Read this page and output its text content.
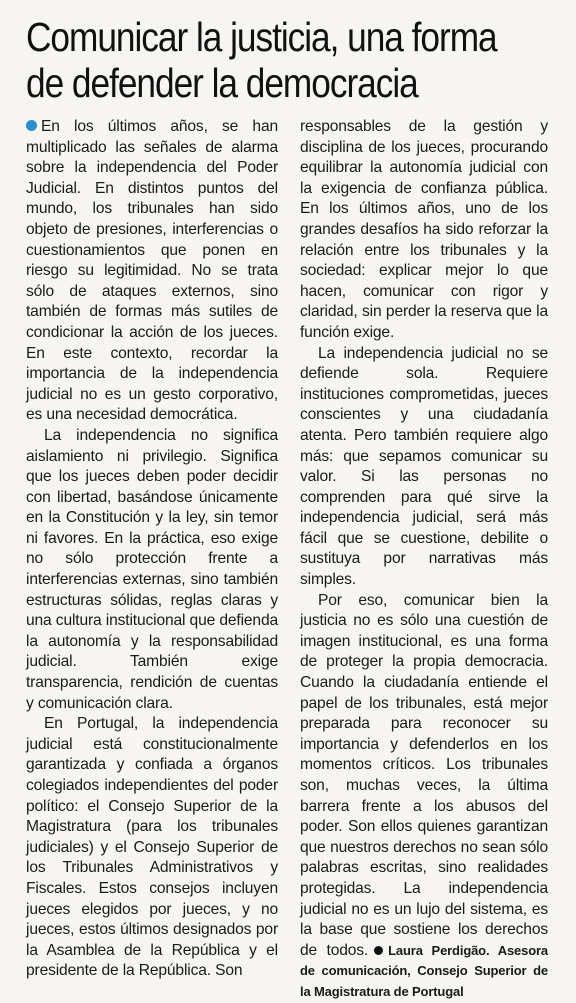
Comunicar la justicia, una forma
de defender la democracia

En los últimos años, se han multiplicado las señales de alarma sobre la independencia del Poder Judicial. En distintos puntos del mundo, los tribunales han sido objeto de presiones, interferencias o cuestionamientos que ponen en riesgo su legitimidad. No se trata sólo de ataques externos, sino también de formas más sutiles de condicionar la acción de los jueces. En este contexto, recordar la importancia de la independencia judicial no es un gesto corporativo, es una necesidad democrática.

La independencia no significa aislamiento ni privilegio. Significa que los jueces deben poder decidir con libertad, basándose únicamente en la Constitución y la ley, sin temor ni favores. En la práctica, eso exige no sólo protección frente a interferencias externas, sino también estructuras sólidas, reglas claras y una cultura institucional que defienda la autonomía y la responsabilidad judicial. También exige transparencia, rendición de cuentas y comunicación clara.

En Portugal, la independencia judicial está constitucionalmente garantizada y confiada a órganos colegiados independientes del poder político: el Consejo Superior de la Magistratura (para los tribunales judiciales) y el Consejo Superior de los Tribunales Administrativos y Fiscales. Estos consejos incluyen jueces elegidos por jueces, y no jueces, estos últimos designados por la Asamblea de la República y el presidente de la República. Son

responsables de la gestión y disciplina de los jueces, procurando equilibrar la autonomía judicial con la exigencia de confianza pública. En los últimos años, uno de los grandes desafíos ha sido reforzar la relación entre los tribunales y la sociedad: explicar mejor lo que hacen, comunicar con rigor y claridad, sin perder la reserva que la función exige.

La independencia judicial no se defiende sola. Requiere instituciones comprometidas, jueces conscientes y una ciudadanía atenta. Pero también requiere algo más: que sepamos comunicar su valor. Si las personas no comprenden para qué sirve la independencia judicial, será más fácil que se cuestione, debilite o sustituya por narrativas más simples.

Por eso, comunicar bien la justicia no es sólo una cuestión de imagen institucional, es una forma de proteger la propia democracia. Cuando la ciudadanía entiende el papel de los tribunales, está mejor preparada para reconocer su importancia y defenderlos en los momentos críticos. Los tribunales son, muchas veces, la última barrera frente a los abusos del poder. Son ellos quienes garantizan que nuestros derechos no sean sólo palabras escritas, sino realidades protegidas. La independencia judicial no es un lujo del sistema, es la base que sostiene los derechos de todos. Laura Perdigão. Asesora de comunicación, Consejo Superior de la Magistratura de Portugal
